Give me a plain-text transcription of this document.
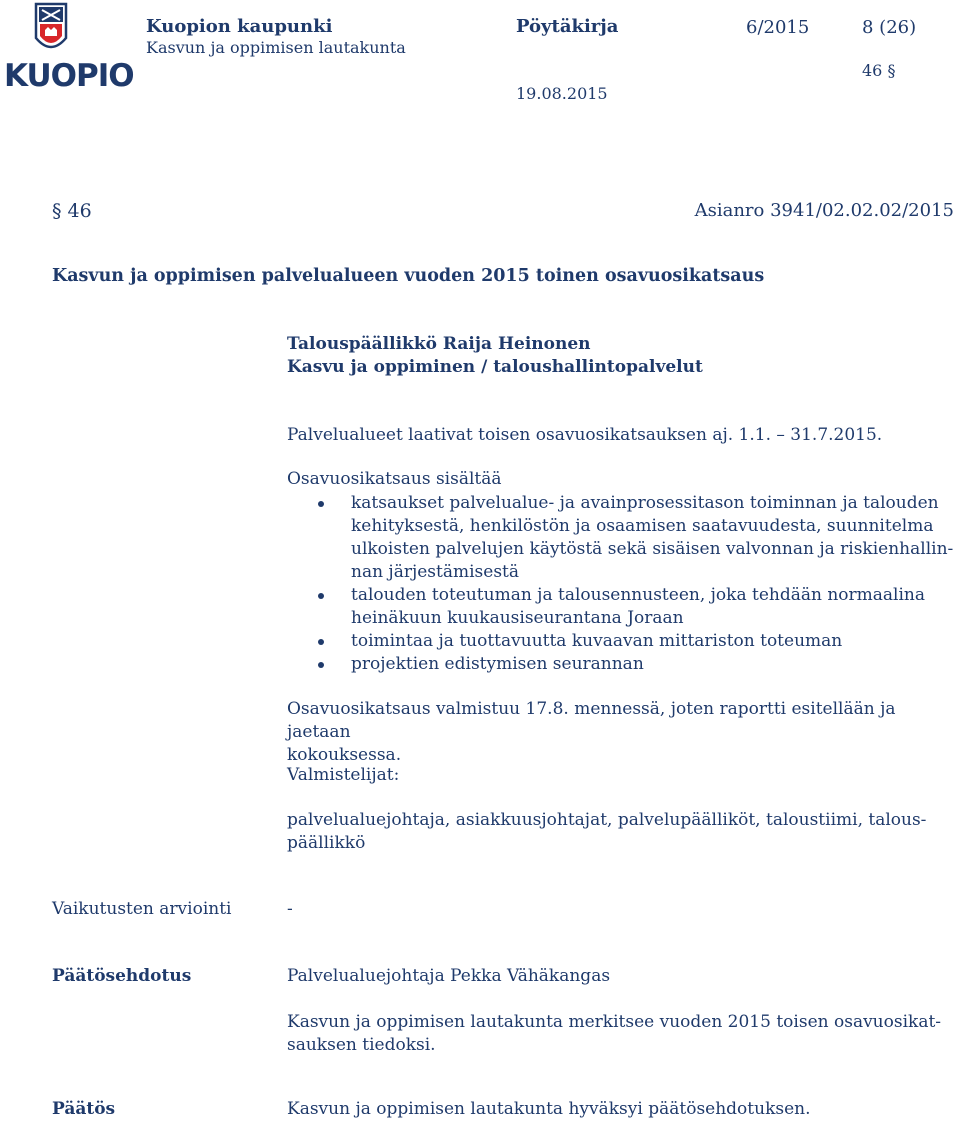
KUOPIO
Kuopion kaupunki
Kasvun ja oppimisen lautakunta
Pöytäkirja	6/2015	8 (26)
46 §
19.08.2015
§ 46	Asianro 3941/02.02.02/2015
Kasvun ja oppimisen palvelualueen vuoden 2015 toinen osavuosikatsaus
Talouspäällikkö Raija Heinonen
Kasvu ja oppiminen / taloushallintopalvelut
Palvelualueet laativat toisen osavuosikatsauksen aj. 1.1. – 31.7.2015.
Osavuosikatsaus sisältää
katsaukset palvelualue- ja avainprosessitason toiminnan ja talouden
kehityksestä, henkilöstön ja osaamisen saatavuudesta, suunnitelma
ulkoisten palvelujen käytöstä sekä sisäisen valvonnan ja riskienhallin-
nan järjestämisestä
talouden toteutuman ja talousennusteen, joka tehdään normaalina
heinäkuun kuukausiseurantana Joraan
toimintaa ja tuottavuutta kuvaavan mittariston toteuman
projektien edistymisen seurannan
Osavuosikatsaus valmistuu 17.8. mennessä, joten raportti esitellään ja jaetaan
kokouksessa.
Valmistelijat:
palvelualuejohtaja, asiakkuusjohtajat, palvelupäälliköt, taloustiimi, talous-
päällikkö
Vaikutusten arviointi	-
Päätösehdotus	Palvelualuejohtaja Pekka Vähäkangas
Kasvun ja oppimisen lautakunta merkitsee vuoden 2015 toisen osavuosikat-
sauksen tiedoksi.
Päätös	Kasvun ja oppimisen lautakunta hyväksyi päätösehdotuksen.
